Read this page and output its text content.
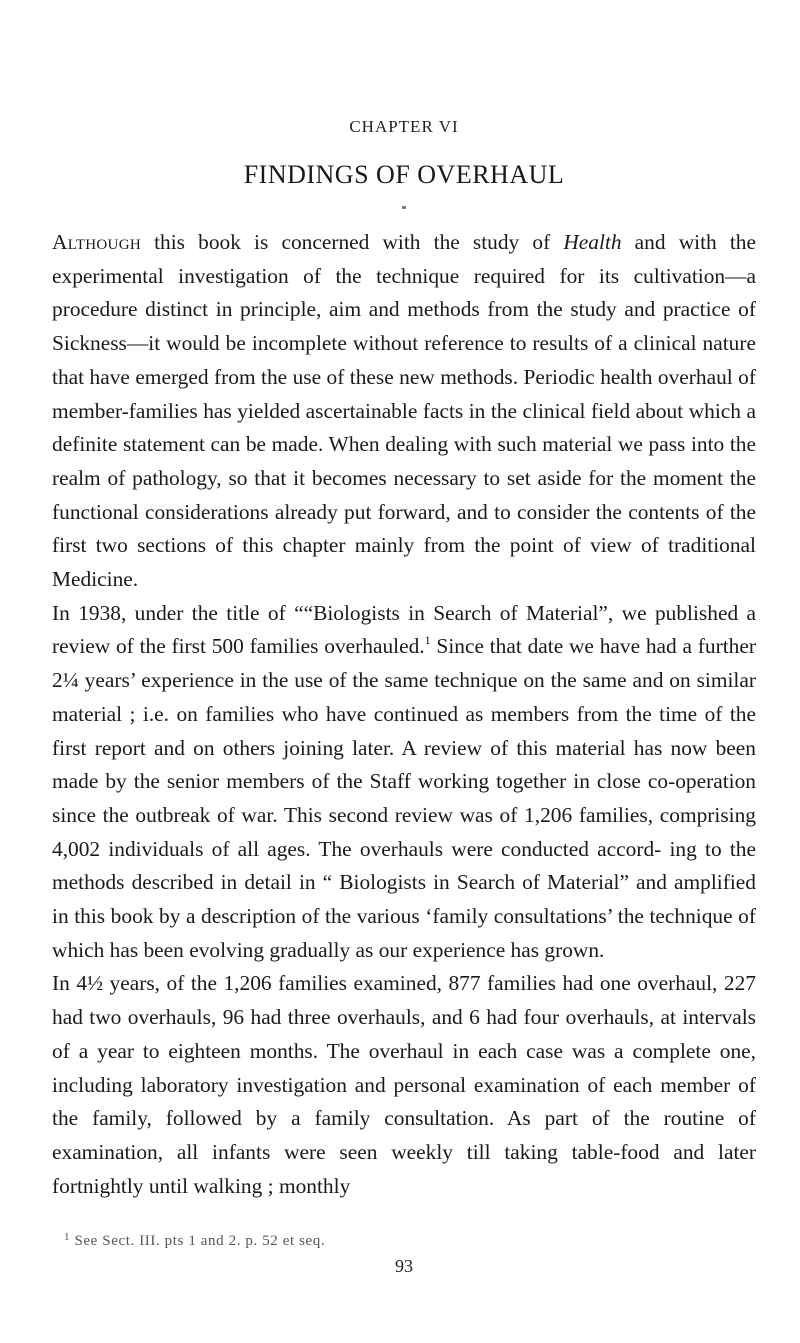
CHAPTER VI
FINDINGS OF OVERHAUL

Although this book is concerned with the study of Health and with the experimental investigation of the technique required for its cultivation—a procedure distinct in principle, aim and methods from the study and practice of Sickness—it would be incomplete without reference to results of a clinical nature that have emerged from the use of these new methods. Periodic health overhaul of member-families has yielded ascertainable facts in the clinical field about which a definite statement can be made. When dealing with such material we pass into the realm of pathology, so that it becomes necessary to set aside for the moment the functional considerations already put forward, and to consider the contents of the first two sections of this chapter mainly from the point of view of traditional Medicine.

In 1938, under the title of ““Biologists in Search of Material”, we published a review of the first 500 families overhauled.$^1$ Since that date we have had a further 2¼ years’ experience in the use of the same technique on the same and on similar material ; i.e. on families who have continued as members from the time of the first report and on others joining later. A review of this material has now been made by the senior members of the Staff working together in close co-operation since the outbreak of war. This second review was of 1,206 families, comprising 4,002 individuals of all ages. The overhauls were conducted accord- ing to the methods described in detail in “ Biologists in Search of Material” and amplified in this book by a description of the various ‘family consultations’ the technique of which has been evolving gradually as our experience has grown.

In 4½ years, of the 1,206 families examined, 877 families had one overhaul, 227 had two overhauls, 96 had three overhauls, and 6 had four overhauls, at intervals of a year to eighteen months. The overhaul in each case was a complete one, including laboratory investigation and personal examination of each member of the family, followed by a family consultation. As part of the routine of examination, all infants were seen weekly till taking table-food and later fortnightly until walking ; monthly

$^1$ See Sect. III. pts 1 and 2. p. 52 et seq.
93
